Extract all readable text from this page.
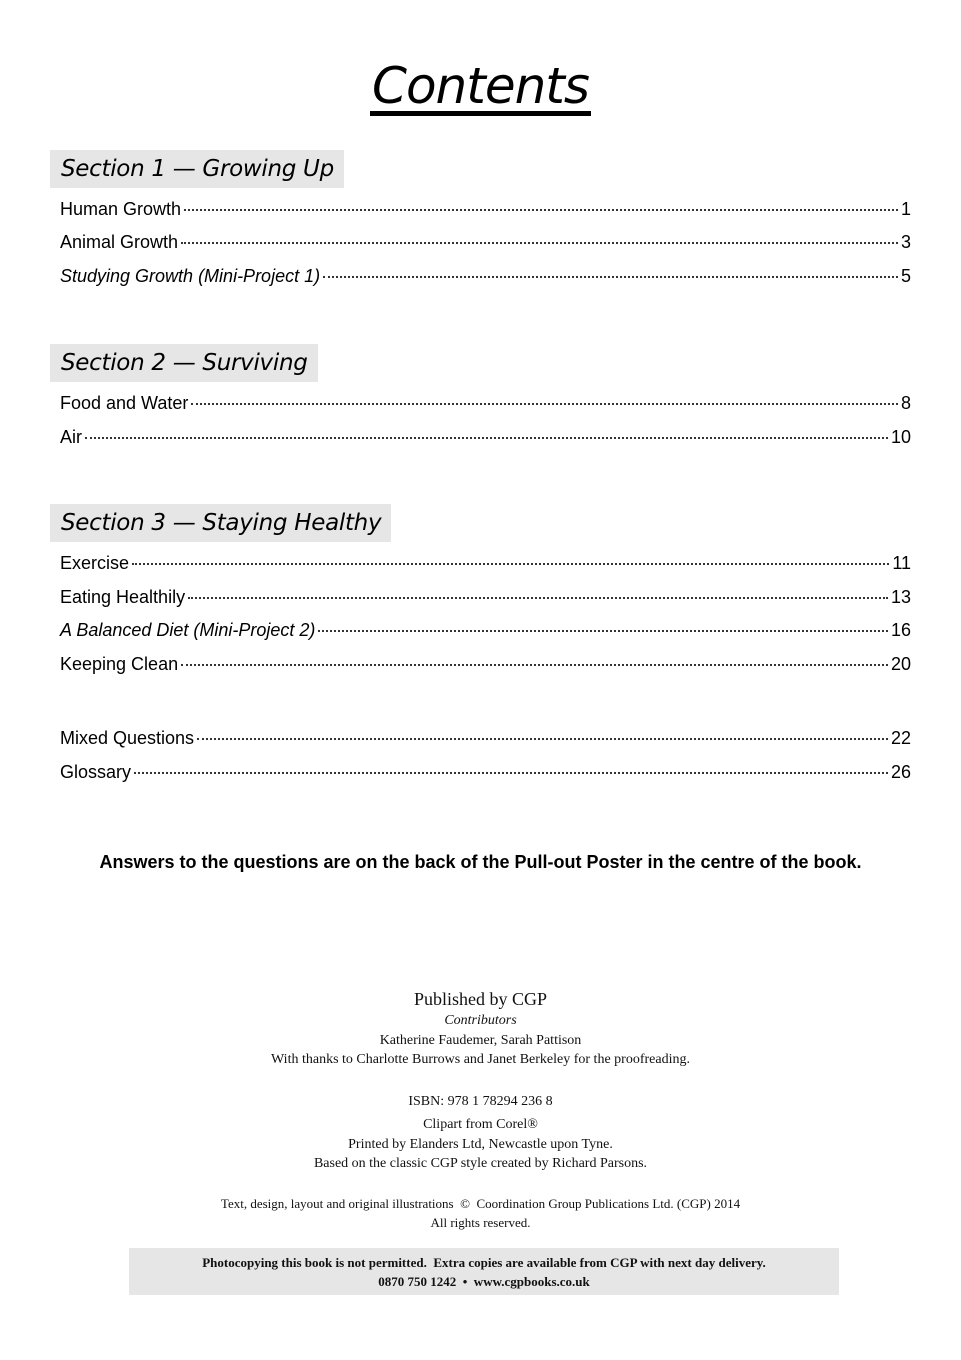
Contents
Section 1 — Growing Up
Human Growth	1
Animal Growth	3
Studying Growth (Mini-Project 1)	5
Section 2 — Surviving
Food and Water	8
Air	10
Section 3 — Staying Healthy
Exercise	11
Eating Healthily	13
A Balanced Diet (Mini-Project 2)	16
Keeping Clean	20
Mixed Questions	22
Glossary	26
Answers to the questions are on the back of the Pull-out Poster in the centre of the book.
Published by CGP
Contributors
Katherine Faudemer, Sarah Pattison
With thanks to Charlotte Burrows and Janet Berkeley for the proofreading.
ISBN: 978 1 78294 236 8
Clipart from Corel®
Printed by Elanders Ltd, Newcastle upon Tyne.
Based on the classic CGP style created by Richard Parsons.
Text, design, layout and original illustrations  ©  Coordination Group Publications Ltd. (CGP) 2014
All rights reserved.
Photocopying this book is not permitted.  Extra copies are available from CGP with next day delivery.
0870 750 1242  •  www.cgpbooks.co.uk
